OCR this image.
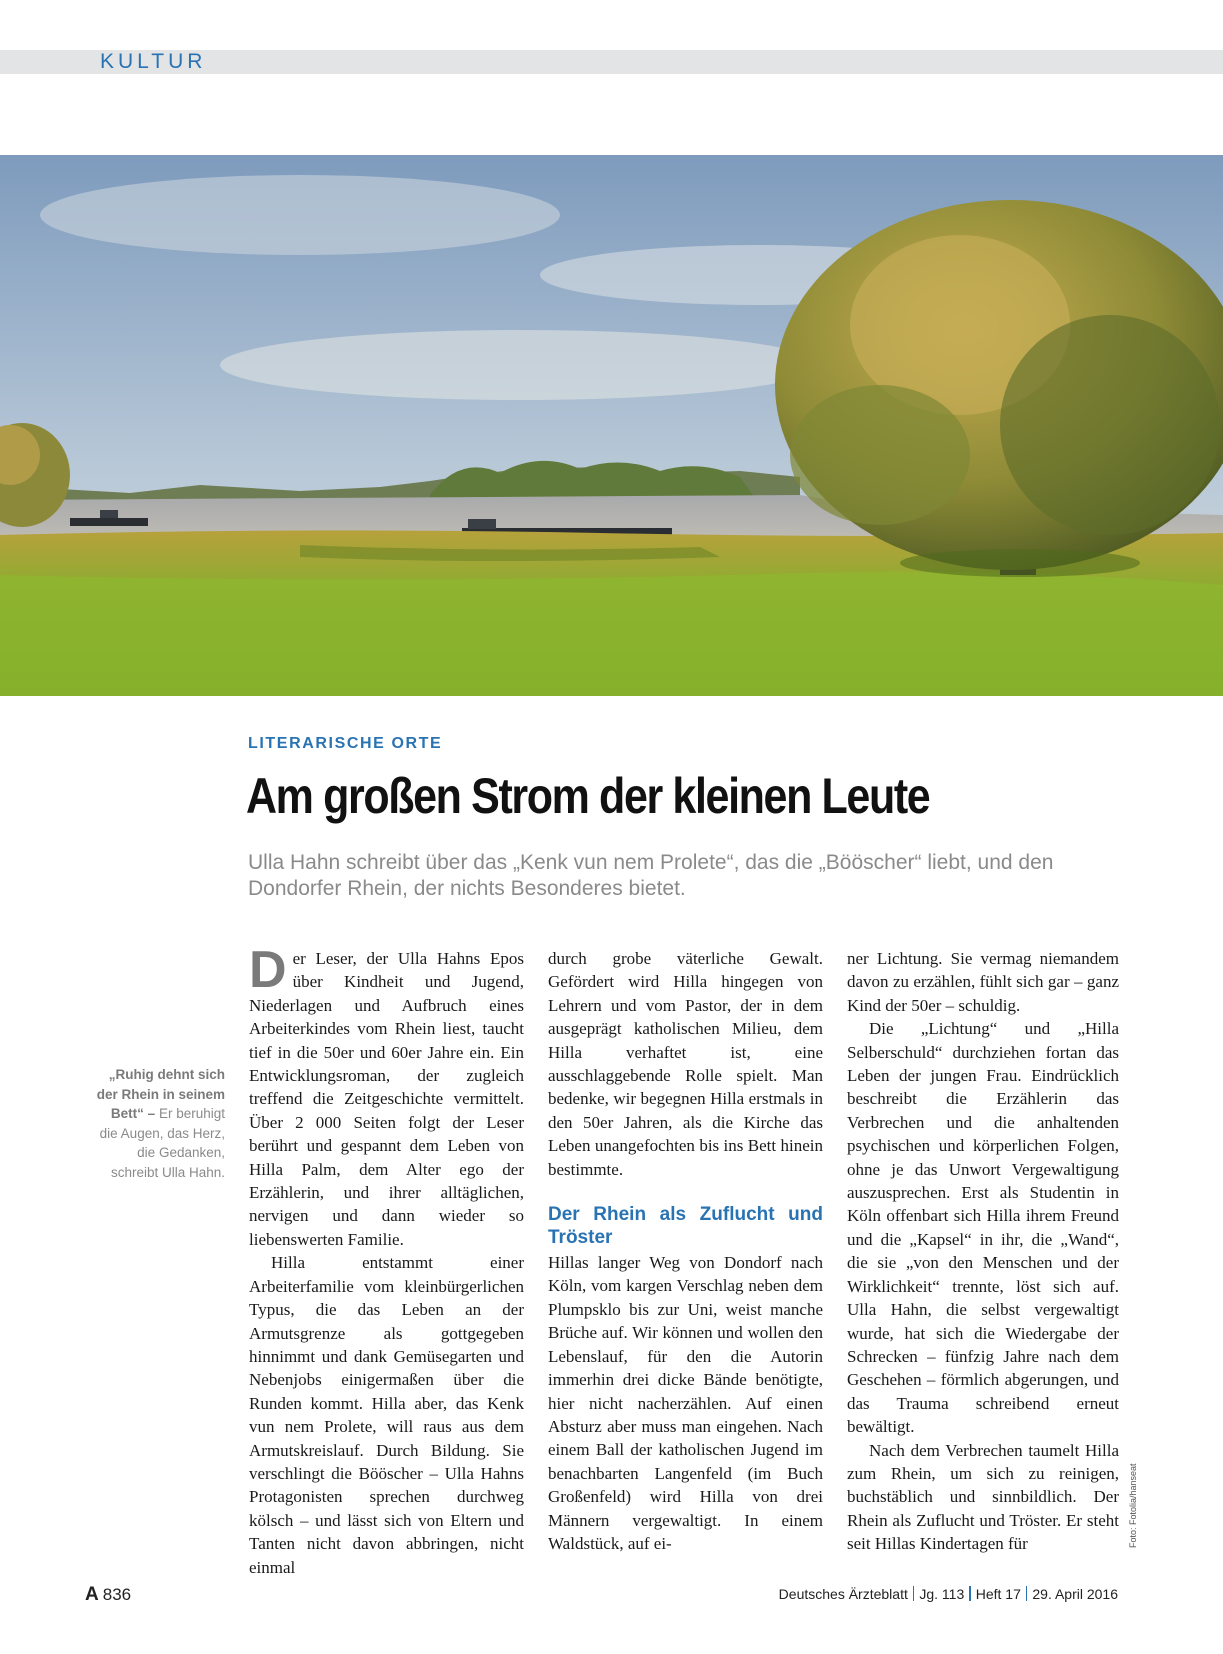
KULTUR
LITERARISCHE ORTE
Am großen Strom der kleinen Leute
Ulla Hahn schreibt über das „Kenk vun nem Prolete“, das die „Bööscher“ liebt, und den Dondorfer Rhein, der nichts Besonderes bietet.
„Ruhig dehnt sich der Rhein in seinem Bett“ – Er beruhigt die Augen, das Herz, die Gedanken, schreibt Ulla Hahn.

Der Leser, der Ulla Hahns Epos über Kindheit und Jugend, Niederlagen und Aufbruch eines Arbeiterkindes vom Rhein liest, taucht tief in die 50er und 60er Jahre ein. Ein Entwicklungsroman, der zugleich treffend die Zeitgeschichte vermittelt. Über 2 000 Seiten folgt der Leser berührt und gespannt dem Leben von Hilla Palm, dem Alter ego der Erzählerin, und ihrer alltäglichen, nervigen und dann wieder so liebenswerten Familie.

Hilla entstammt einer Arbeiterfamilie vom kleinbürgerlichen Typus, die das Leben an der Armutsgrenze als gottgegeben hinnimmt und dank Gemüsegarten und Nebenjobs einigermaßen über die Runden kommt. Hilla aber, das Kenk vun nem Prolete, will raus aus dem Armutskreislauf. Durch Bildung. Sie verschlingt die Bööscher – Ulla Hahns Protagonisten sprechen durchweg kölsch – und lässt sich von Eltern und Tanten nicht davon abbringen, nicht einmal

durch grobe väterliche Gewalt. Gefördert wird Hilla hingegen von Lehrern und vom Pastor, der in dem ausgeprägt katholischen Milieu, dem Hilla verhaftet ist, eine ausschlaggebende Rolle spielt. Man bedenke, wir begegnen Hilla erstmals in den 50er Jahren, als die Kirche das Leben unangefochten bis ins Bett hinein bestimmte.

Der Rhein als Zuflucht und Tröster

Hillas langer Weg von Dondorf nach Köln, vom kargen Verschlag neben dem Plumpsklo bis zur Uni, weist manche Brüche auf. Wir können und wollen den Lebenslauf, für den die Autorin immerhin drei dicke Bände benötigte, hier nicht nacherzählen. Auf einen Absturz aber muss man eingehen. Nach einem Ball der katholischen Jugend im benachbarten Langenfeld (im Buch Großenfeld) wird Hilla von drei Männern vergewaltigt. In einem Waldstück, auf ei-

ner Lichtung. Sie vermag niemandem davon zu erzählen, fühlt sich gar – ganz Kind der 50er – schuldig.

Die „Lichtung“ und „Hilla Selberschuld“ durchziehen fortan das Leben der jungen Frau. Eindrücklich beschreibt die Erzählerin das Verbrechen und die anhaltenden psychischen und körperlichen Folgen, ohne je das Unwort Vergewaltigung auszusprechen. Erst als Studentin in Köln offenbart sich Hilla ihrem Freund und die „Kapsel“ in ihr, die „Wand“, die sie „von den Menschen und der Wirklichkeit“ trennte, löst sich auf. Ulla Hahn, die selbst vergewaltigt wurde, hat sich die Wiedergabe der Schrecken – fünfzig Jahre nach dem Geschehen – förmlich abgerungen, und das Trauma schreibend erneut bewältigt.

Nach dem Verbrechen taumelt Hilla zum Rhein, um sich zu reinigen, buchstäblich und sinnbildlich. Der Rhein als Zuflucht und Tröster. Er steht seit Hillas Kindertagen für	Foto: Fotolia/hanseat
A 836	Deutsches Ärzteblatt Jg. 113 Heft 17 29. April 2016
